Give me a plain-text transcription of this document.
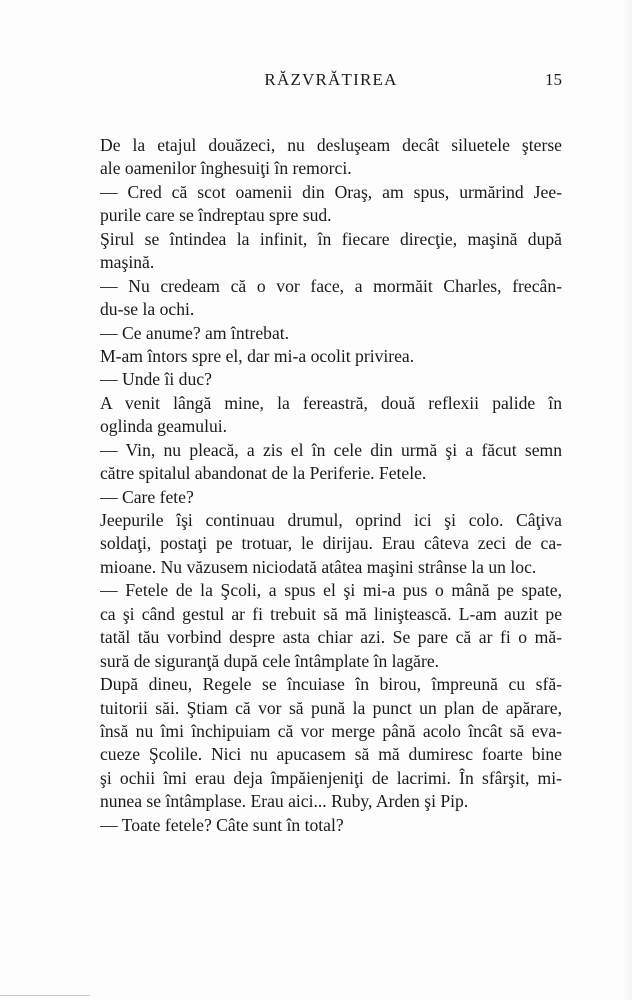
RĂZVRĂTIREA	15
De la etajul douăzeci, nu desluşeam decât siluetele şterse
ale oamenilor înghesuiţi în remorci.
— Cred că scot oamenii din Oraş, am spus, urmărind Jee-
purile care se îndreptau spre sud.
Şirul se întindea la infinit, în fiecare direcţie, maşină după
maşină.
— Nu credeam că o vor face, a mormăit Charles, frecân-
du-se la ochi.
— Ce anume? am întrebat.
M-am întors spre el, dar mi-a ocolit privirea.
— Unde îi duc?
A venit lângă mine, la fereastră, două reflexii palide în
oglinda geamului.
— Vin, nu pleacă, a zis el în cele din urmă şi a făcut semn
către spitalul abandonat de la Periferie. Fetele.
— Care fete?
Jeepurile îşi continuau drumul, oprind ici şi colo. Câţiva
soldaţi, postaţi pe trotuar, le dirijau. Erau câteva zeci de ca-
mioane. Nu văzusem niciodată atâtea maşini strânse la un loc.
— Fetele de la Şcoli, a spus el şi mi-a pus o mână pe spate,
ca şi când gestul ar fi trebuit să mă liniştească. L-am auzit pe
tatăl tău vorbind despre asta chiar azi. Se pare că ar fi o mă-
sură de siguranţă după cele întâmplate în lagăre.
După dineu, Regele se încuiase în birou, împreună cu sfă-
tuitorii săi. Ştiam că vor să pună la punct un plan de apărare,
însă nu îmi închipuiam că vor merge până acolo încât să eva-
cueze Şcolile. Nici nu apucasem să mă dumiresc foarte bine
şi ochii îmi erau deja împăienjeniţi de lacrimi. În sfârşit, mi-
nunea se întâmplase. Erau aici... Ruby, Arden şi Pip.
— Toate fetele? Câte sunt în total?
